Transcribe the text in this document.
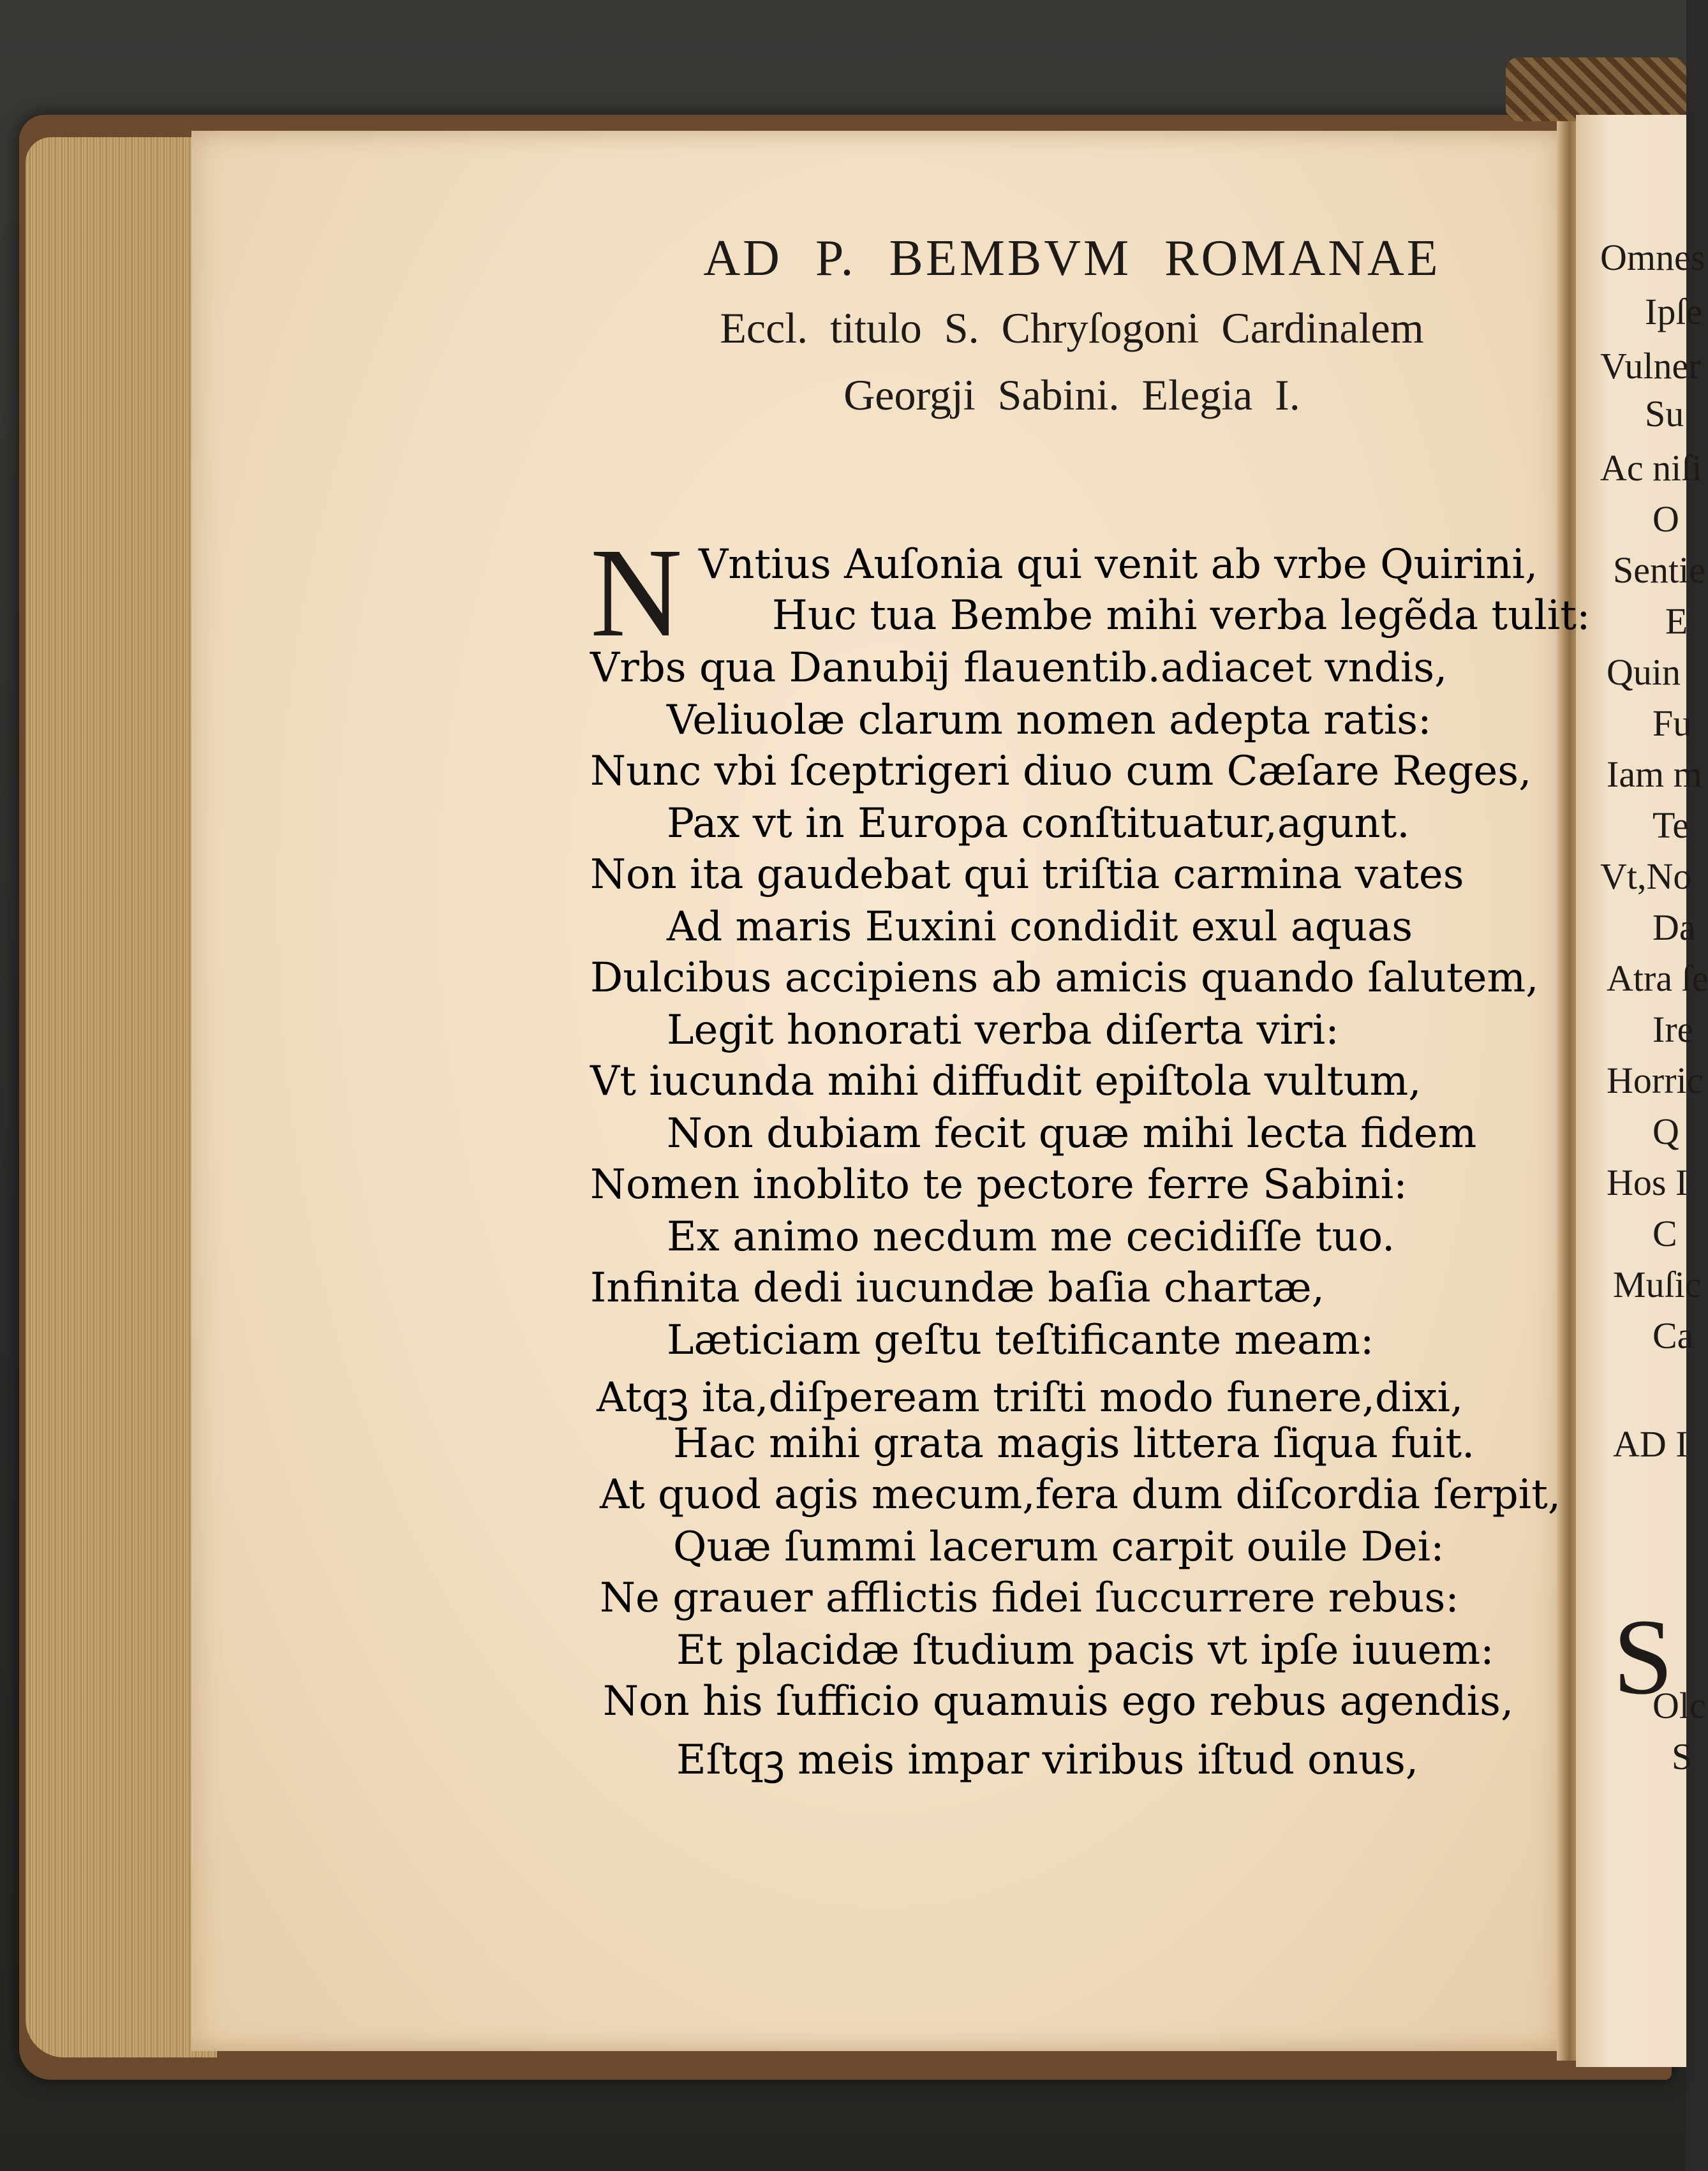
AD P. BEMBVM ROMANAE
Eccl. titulo S. Chryſogoni Cardinalem
Georgji Sabini. Elegia I.
N Vntius Auſonia qui venit ab vrbe Quirini,
Huc tua Bembe mihi verba legẽda tulit:
Vrbs qua Danubij flauentib.adiacet vndis,
Veliuolæ clarum nomen adepta ratis:
Nunc vbi ſceptrigeri diuo cum Cæſare Reges,
Pax vt in Europa conſtituatur,agunt.
Non ita gaudebat qui triſtia carmina vates
Ad maris Euxini condidit exul aquas
Dulcibus accipiens ab amicis quando ſalutem,
Legit honorati verba diſerta viri:
Vt iucunda mihi diffudit epiſtola vultum,
Non dubiam fecit quæ mihi lecta fidem
Nomen inoblito te pectore ferre Sabini:
Ex animo necdum me cecidiſſe tuo.
Infinita dedi iucundæ baſia chartæ,
Læticiam geſtu teſtificante meam:
Atqꝫ ita,diſpeream triſti modo funere,dixi,
Hac mihi grata magis littera ſiqua fuit.
At quod agis mecum,fera dum diſcordia ſerpit,
Quæ ſummi lacerum carpit ouile Dei:
Ne grauer afflictis fidei ſuccurrere rebus:
Et placidæ ſtudium pacis vt ipſe iuuem:
Non his ſufficio quamuis ego rebus agendis,
Eſtqꝫ meis impar viribus iſtud onus,
Omnes
Ipſe
Vulner
Su
Ac niſi
O
Sentie
E
Quin
Fu
Iam m
Te
Vt,No
Da
Atra ſe
Ire
Horric
Q
Hos I
C
Muſic
Ca
AD I
S
Olc
S
